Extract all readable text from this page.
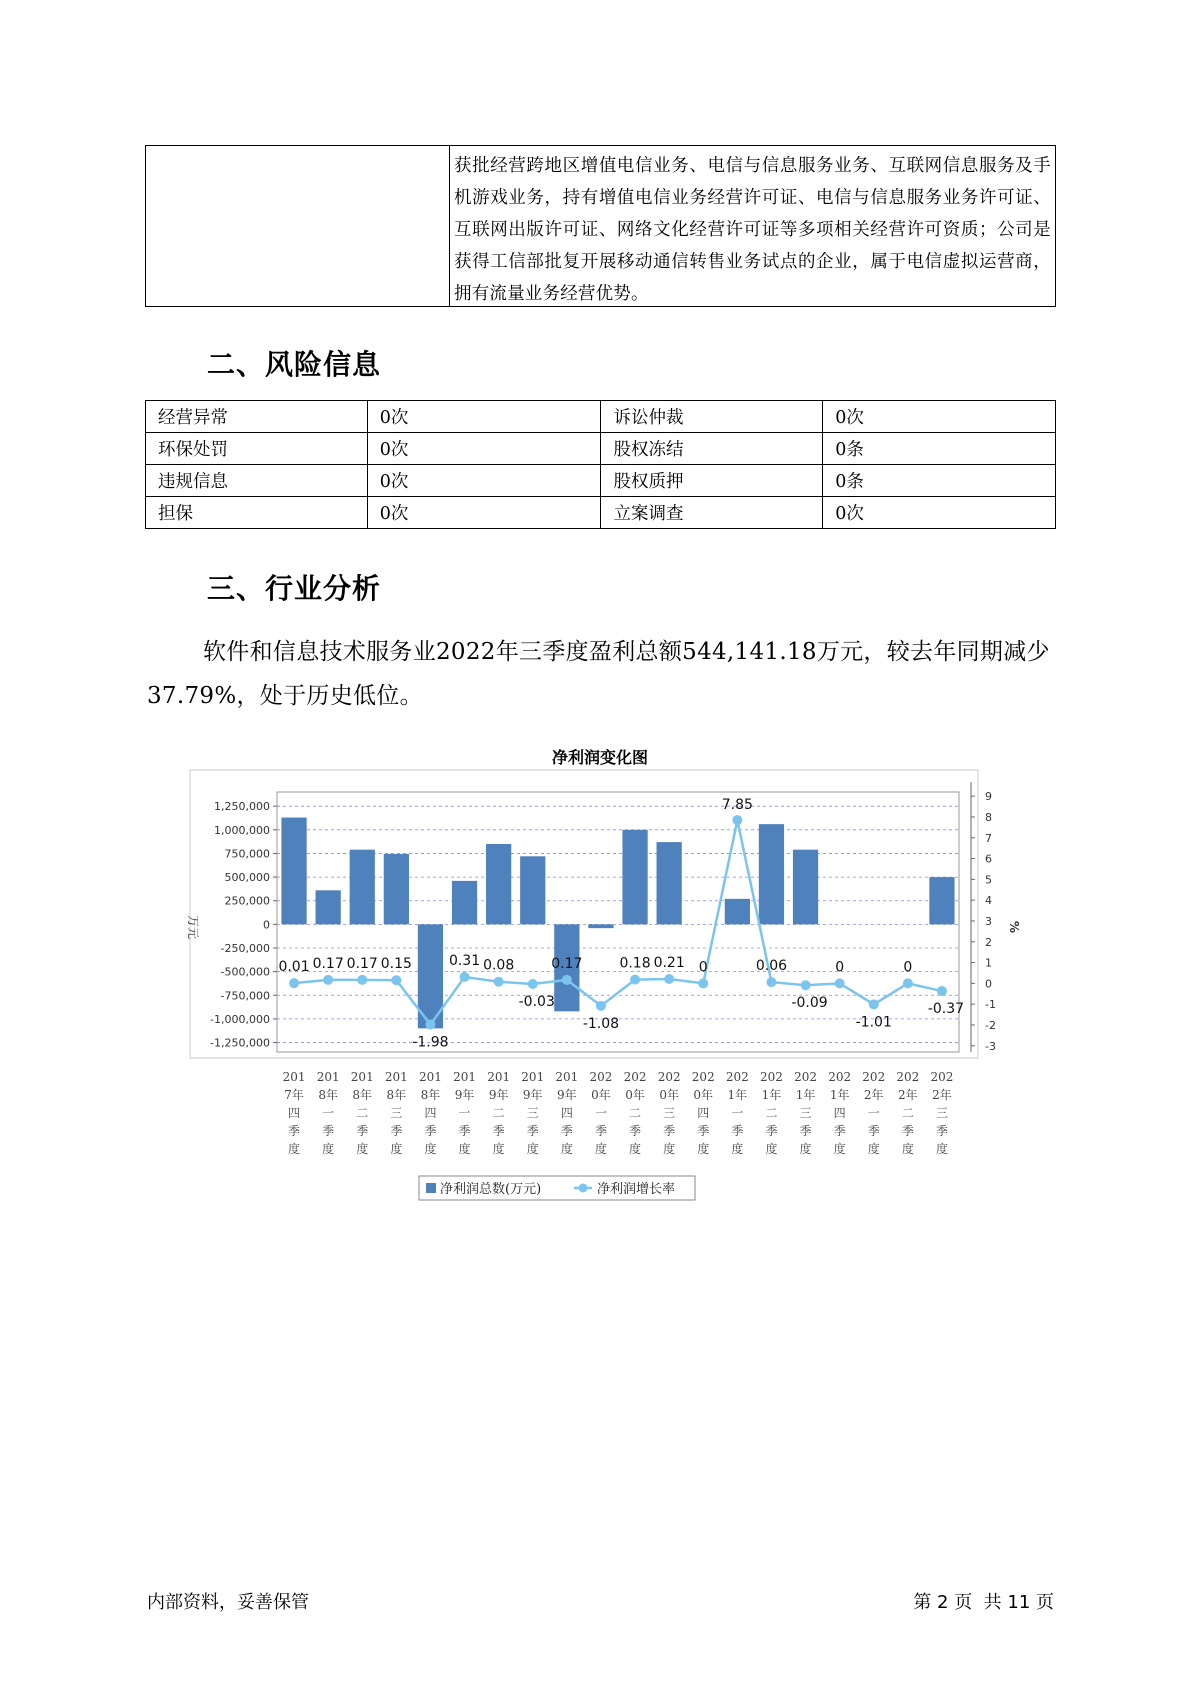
获批经营跨地区增值电信业务、电信与信息服务业务、互联网信息服务及手机游戏业务，持有增值电信业务经营许可证、电信与信息服务业务许可证、互联网出版许可证、网络文化经营许可证等多项相关经营许可资质；公司是获得工信部批复开展移动通信转售业务试点的企业，属于电信虚拟运营商，拥有流量业务经营优势。
二、风险信息
经营异常	0次	诉讼仲裁	0次
环保处罚	0次	股权冻结	0条
违规信息	0次	股权质押	0条
担保	0次	立案调查	0次
三、行业分析
软件和信息技术服务业2022年三季度盈利总额544,141.18万元，较去年同期减少37.79%，处于历史低位。
净利润变化图
1,250,000
1,000,000
750,000
500,000
250,000
0
-250,000
-500,000
-750,000
-1,000,000
-1,250,000
万元
9
8
7
6
5
4
3
2
1
0
-1
-2
-3
%
0.01 0.17 0.17 0.15
-1.98
0.31 0.08
-0.03
0.17
-1.08
0.18 0.21 0
7.85
0.06
-0.09
0
-1.01
0
-0.37
201
7年
四
季
度
201
8年
一
季
度
201
8年
二
季
度
201
8年
三
季
度
201
8年
四
季
度
201
9年
一
季
度
201
9年
二
季
度
201
9年
三
季
度
201
9年
四
季
度
202
0年
一
季
度
202
0年
二
季
度
202
0年
三
季
度
202
0年
四
季
度
202
1年
一
季
度
202
1年
二
季
度
202
1年
三
季
度
202
1年
四
季
度
202
2年
一
季
度
202
2年
二
季
度
202
2年
三
季
度
净利润总数(万元)	净利润增长率
内部资料，妥善保管	第 2 页  共 11 页
